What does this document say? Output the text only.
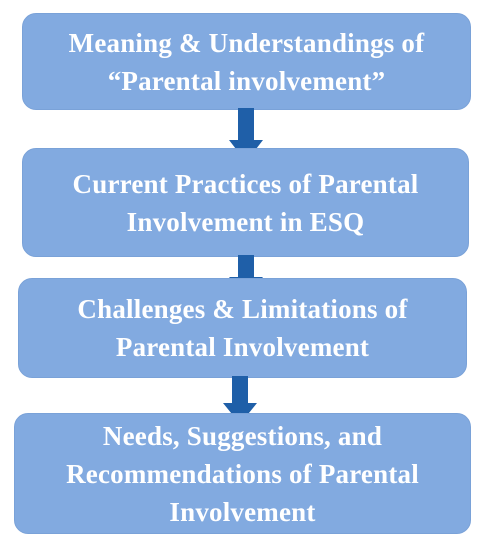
Meaning & Understandings of
“Parental involvement”
Current Practices of Parental
Involvement in ESQ
Challenges & Limitations of
Parental Involvement
Needs, Suggestions, and
Recommendations of Parental
Involvement
